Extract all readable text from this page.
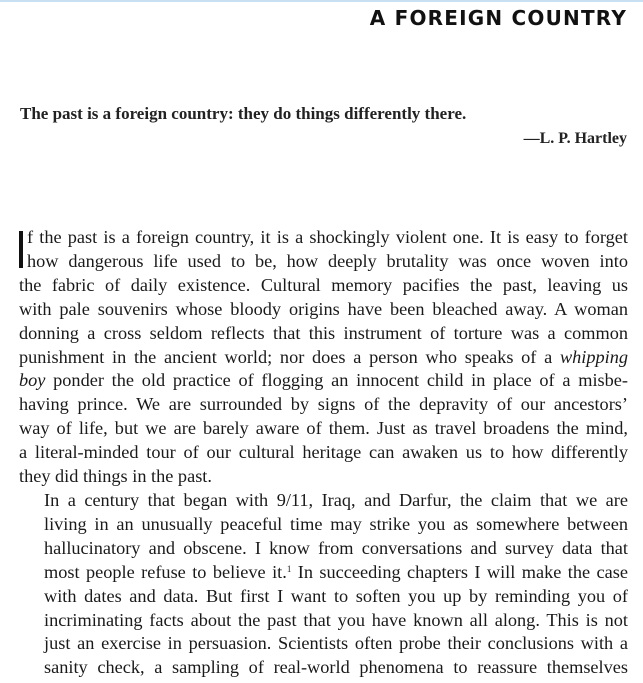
A FOREIGN COUNTRY
The past is a foreign country: they do things differently there.
—L. P. Hartley

f the past is a foreign country, it is a shockingly violent one. It is easy to forget
how dangerous life used to be, how deeply brutality was once woven into
the fabric of daily existence. Cultural memory pacifies the past, leaving us
with pale souvenirs whose bloody origins have been bleached away. A woman
donning a cross seldom reflects that this instrument of torture was a common
punishment in the ancient world; nor does a person who speaks of a whipping
boy ponder the old practice of flogging an innocent child in place of a misbe-
having prince. We are surrounded by signs of the depravity of our ancestors’
way of life, but we are barely aware of them. Just as travel broadens the mind,
a literal-minded tour of our cultural heritage can awaken us to how differently
they did things in the past.

In a century that began with 9/11, Iraq, and Darfur, the claim that we are
living in an unusually peaceful time may strike you as somewhere between
hallucinatory and obscene. I know from conversations and survey data that
most people refuse to believe it.$^1$ In succeeding chapters I will make the case
with dates and data. But first I want to soften you up by reminding you of
incriminating facts about the past that you have known all along. This is not
just an exercise in persuasion. Scientists often probe their conclusions with a
sanity check, a sampling of real-world phenomena to reassure themselves
